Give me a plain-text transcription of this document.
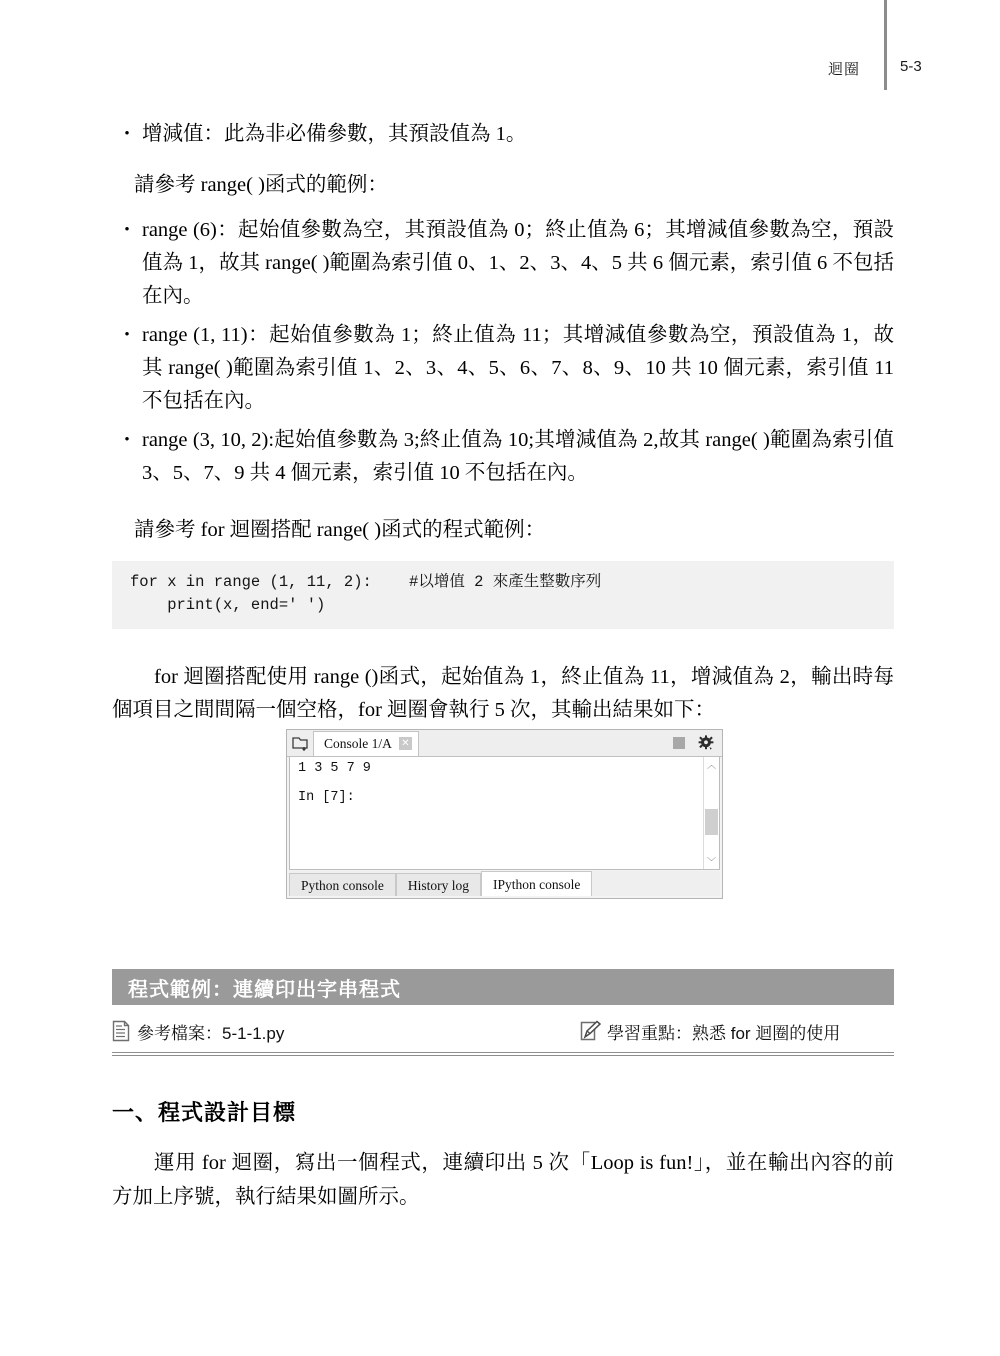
迴圈	5-3
• 增減值：此為非必備參數，其預設值為 1。
請參考 range( )函式的範例：
• range (6)：起始值參數為空，其預設值為 0；終止值為 6；其增減值參數為空，預設值為 1，故其 range( )範圍為索引值 0、1、2、3、4、5 共 6 個元素，索引值 6 不包括在內。
• range (1, 11)：起始值參數為 1；終止值為 11；其增減值參數為空，預設值為 1，故其 range( )範圍為索引值 1、2、3、4、5、6、7、8、9、10 共 10 個元素，索引值 11 不包括在內。
• range (3, 10, 2):起始值參數為 3;終止值為 10;其增減值為 2,故其 range( )範圍為索引值 3、5、7、9 共 4 個元素，索引值 10 不包括在內。
請參考 for 迴圈搭配 range( )函式的程式範例：
for x in range (1, 11, 2):    #以增值 2 來產生整數序列
print(x, end=' ')
for 迴圈搭配使用 range ()函式，起始值為 1，終止值為 11，增減值為 2，輸出時每個項目之間間隔一個空格，for 迴圈會執行 5 次，其輸出結果如下：
Console 1/A ✕
1 3 5 7 9
In [7]:
︿
﹀
Python console	History log	IPython console
程式範例：連續印出字串程式
參考檔案：5-1-1.py	學習重點：熟悉 for 迴圈的使用
一、程式設計目標
運用 for 迴圈，寫出一個程式，連續印出 5 次「Loop is fun!」，並在輸出內容的前方加上序號，執行結果如圖所示。
